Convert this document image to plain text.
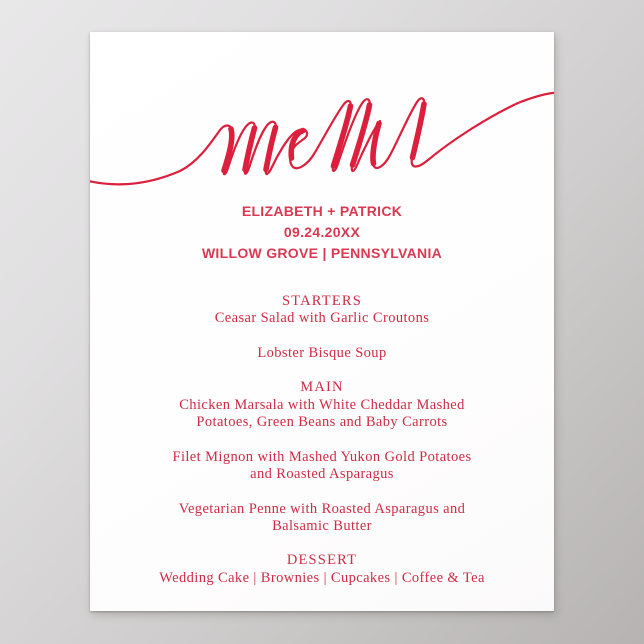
ELIZABETH + PATRICK
09.24.20XX
WILLOW GROVE | PENNSYLVANIA
STARTERS
Ceasar Salad with Garlic Croutons
Lobster Bisque Soup
MAIN
Chicken Marsala with White Cheddar Mashed
Potatoes, Green Beans and Baby Carrots
Filet Mignon with Mashed Yukon Gold Potatoes
and Roasted Asparagus
Vegetarian Penne with Roasted Asparagus and
Balsamic Butter
DESSERT
Wedding Cake | Brownies | Cupcakes | Coffee & Tea
